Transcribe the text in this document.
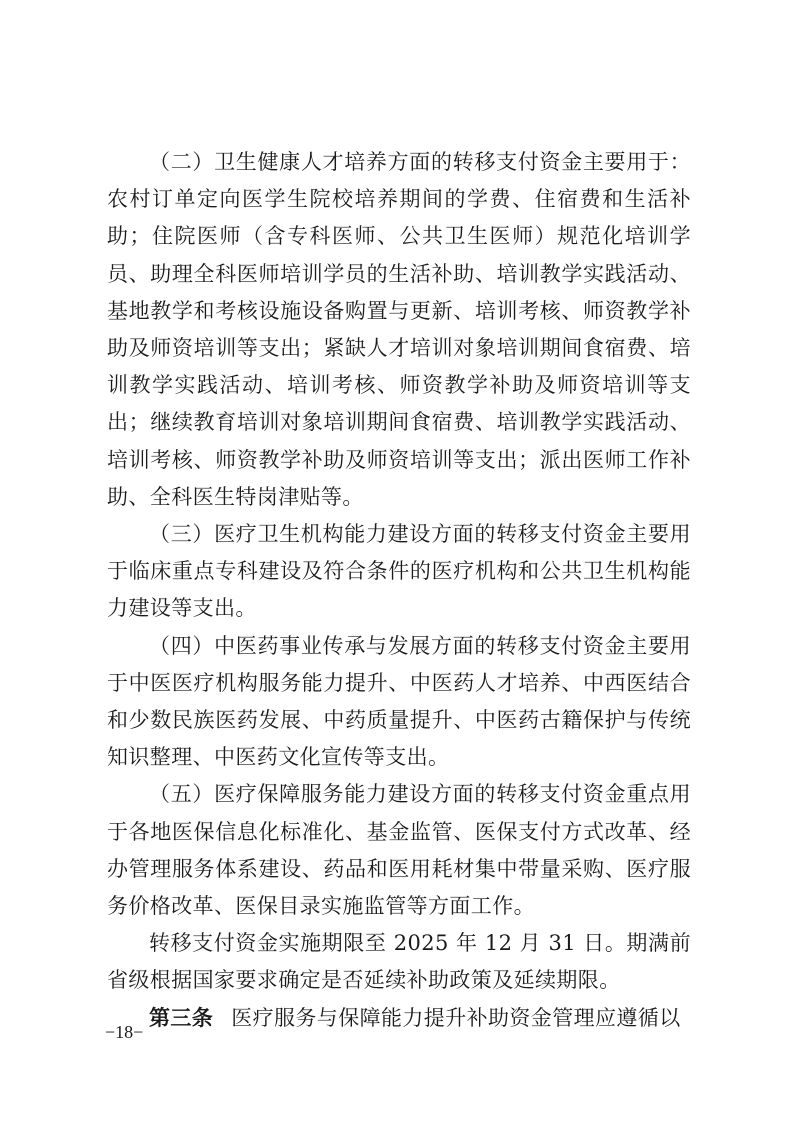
（二）卫生健康人才培养方面的转移支付资金主要用于：农村订单定向医学生院校培养期间的学费、住宿费和生活补助；住院医师（含专科医师、公共卫生医师）规范化培训学员、助理全科医师培训学员的生活补助、培训教学实践活动、基地教学和考核设施设备购置与更新、培训考核、师资教学补助及师资培训等支出；紧缺人才培训对象培训期间食宿费、培训教学实践活动、培训考核、师资教学补助及师资培训等支出；继续教育培训对象培训期间食宿费、培训教学实践活动、培训考核、师资教学补助及师资培训等支出；派出医师工作补助、全科医生特岗津贴等。

（三）医疗卫生机构能力建设方面的转移支付资金主要用于临床重点专科建设及符合条件的医疗机构和公共卫生机构能力建设等支出。

（四）中医药事业传承与发展方面的转移支付资金主要用于中医医疗机构服务能力提升、中医药人才培养、中西医结合和少数民族医药发展、中药质量提升、中医药古籍保护与传统知识整理、中医药文化宣传等支出。

（五）医疗保障服务能力建设方面的转移支付资金重点用于各地医保信息化标准化、基金监管、医保支付方式改革、经办管理服务体系建设、药品和医用耗材集中带量采购、医疗服务价格改革、医保目录实施监管等方面工作。

转移支付资金实施期限至 2025 年 12 月 31 日。期满前省级根据国家要求确定是否延续补助政策及延续期限。

第三条 医疗服务与保障能力提升补助资金管理应遵循以

−18−
